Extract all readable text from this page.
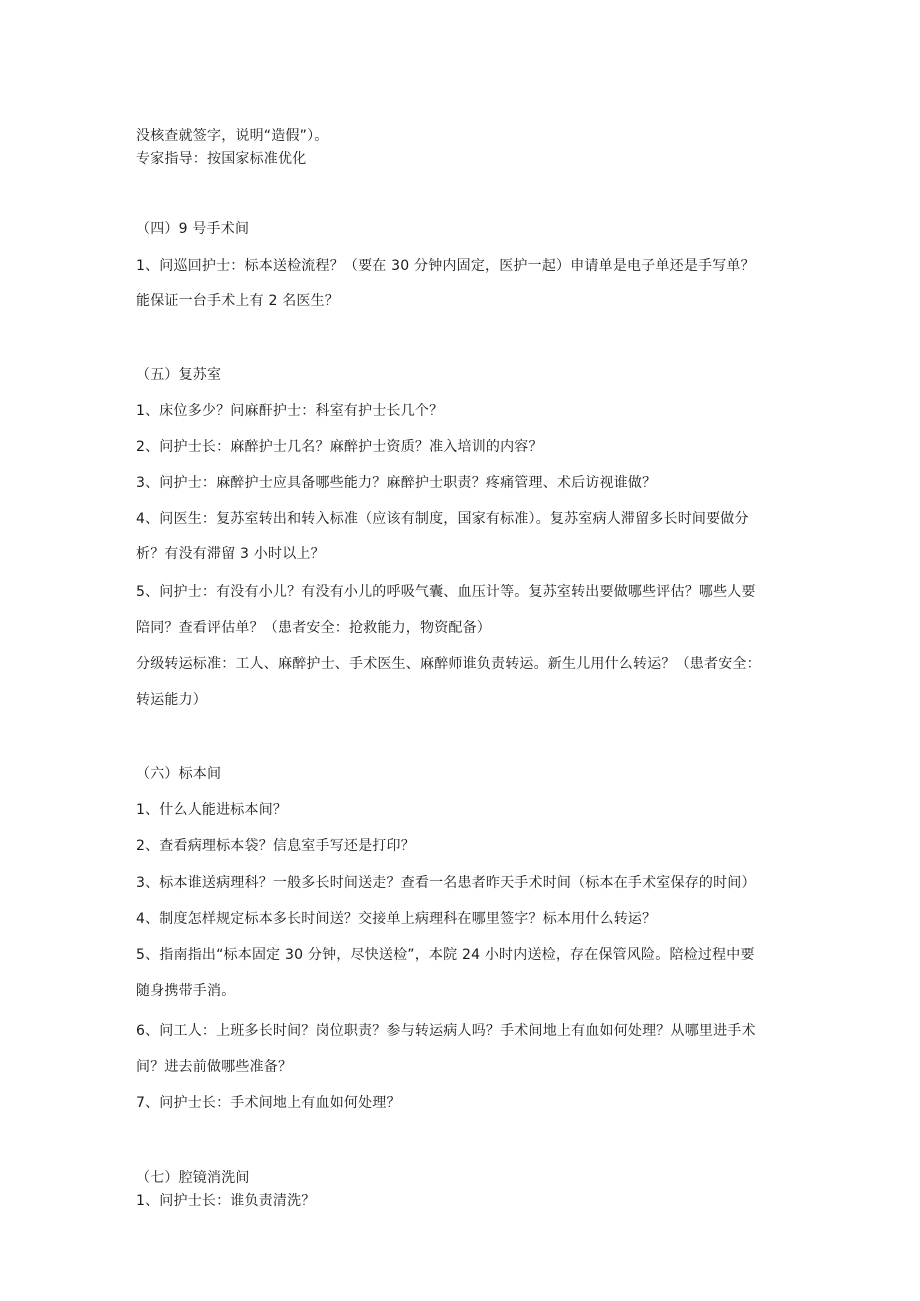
没核查就签字，说明“造假”）。
专家指导：按国家标准优化
（四）9 号手术间
1、问巡回护士：标本送检流程？（要在 30 分钟内固定，医护一起）申请单是电子单还是手写单？
能保证一台手术上有 2 名医生？
（五）复苏室
1、床位多少？问麻酐护士：科室有护士长几个？
2、问护士长：麻醉护士几名？麻醉护士资质？准入培训的内容？
3、问护士：麻醉护士应具备哪些能力？麻醉护士职责？疼痛管理、术后访视谁做？
4、问医生：复苏室转出和转入标准（应该有制度，国家有标准）。复苏室病人滞留多长时间要做分
析？有没有滞留 3 小时以上？
5、问护士：有没有小儿？有没有小儿的呼吸气囊、血压计等。复苏室转出要做哪些评估？哪些人要
陪同？查看评估单？（患者安全：抢救能力，物资配备）
分级转运标准：工人、麻醉护士、手术医生、麻醉师谁负责转运。新生儿用什么转运？（患者安全：
转运能力）
（六）标本间
1、什么人能进标本间？
2、查看病理标本袋？信息室手写还是打印？
3、标本谁送病理科？一般多长时间送走？查看一名患者昨天手术时间（标本在手术室保存的时间）
4、制度怎样规定标本多长时间送？交接单上病理科在哪里签字？标本用什么转运？
5、指南指出“标本固定 30 分钟，尽快送检”，本院 24 小时内送检，存在保管风险。陪检过程中要
随身携带手消。
6、问工人：上班多长时间？岗位职责？参与转运病人吗？手术间地上有血如何处理？从哪里进手术
间？进去前做哪些准备？
7、问护士长：手术间地上有血如何处理？
（七）腔镜消洗间
1、问护士长：谁负责清洗？
